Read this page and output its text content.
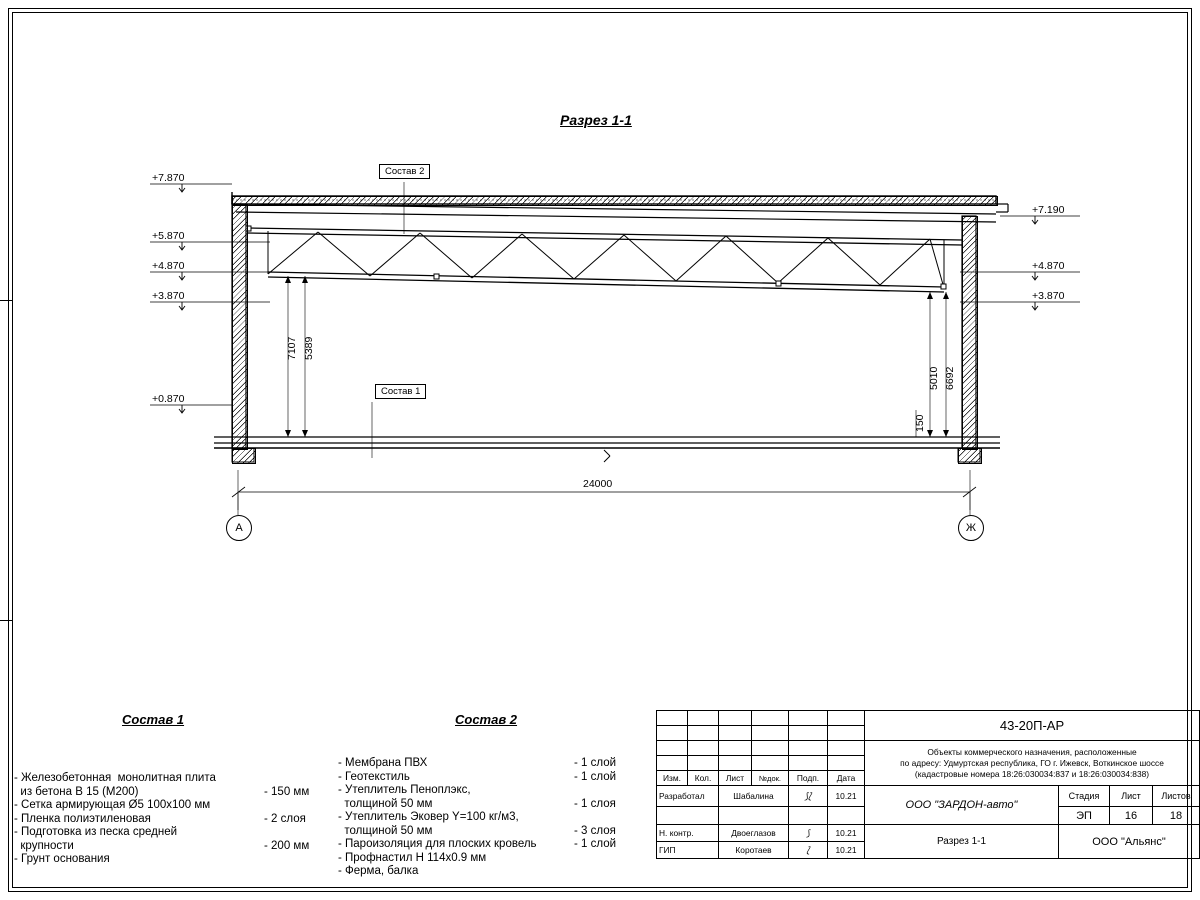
Разрез 1-1
+7.870
+5.870
+4.870
+3.870
+0.870
+7.190
+4.870
+3.870
7107 5389
5010 6692
150
24000
А	Ж
Состав 2
Состав 1
Состав 1	Состав 2
- Железобетонная  монолитная плита
из бетона В 15 (М200)	- 150 мм
- Сетка армирующая Ø5 100х100 мм
- Пленка полиэтиленовая	- 2 слоя
- Подготовка из песка средней
крупности	- 200 мм
- Грунт основания
- Мембрана ПВХ	- 1 слой
- Геотекстиль	- 1 слой
- Утеплитель Пеноплэкс,
толщиной 50 мм	- 1 слоя
- Утеплитель Эковер Y=100 кг/м3,
толщиной 50 мм	- 3 слоя
- Пароизоляция для плоских кровель	- 1 слой
- Профнастил Н 114х0.9 мм
- Ферма, балка
						43-20П-АР			

						Объекты коммерческого назначения, расположенные
по адресу: Удмуртская республика, ГО г. Ижевск, Воткинское шоссе
(кадастровые номера 18:26:030034:837 и 18:26:030034:838)			

Изм.	Кол.	Лист	№док.	Подп.	Дата				
Разработал		Шабалина		⟆⟅	10.21	ООО "ЗАРДОН-авто"	Стадия	Лист	Листов
							ЭП	16	18
Н. контр.		Двоеглазов		⟆	10.21	Разрез 1-1	ООО "Альянс"		
ГИП		Коротаев		⟅	10.21				
